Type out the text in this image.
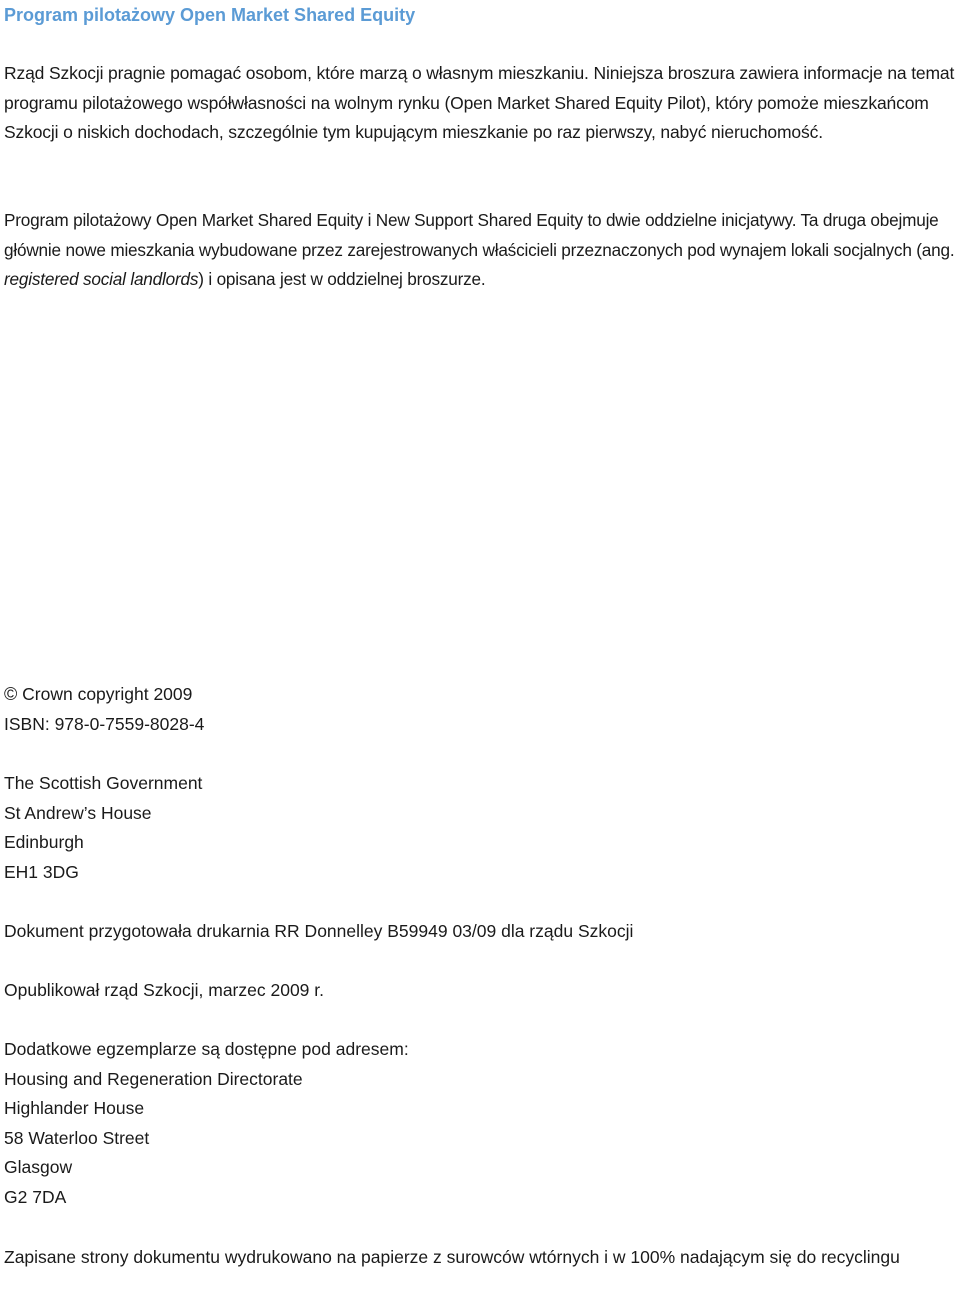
Program pilotażowy Open Market Shared Equity

Rząd Szkocji pragnie pomagać osobom, które marzą o własnym mieszkaniu. Niniejsza broszura zawiera informacje na temat programu pilotażowego współwłasności na wolnym rynku (Open Market Shared Equity Pilot), który pomoże mieszkańcom Szkocji o niskich dochodach, szczególnie tym kupującym mieszkanie po raz pierwszy, nabyć nieruchomość.

Program pilotażowy Open Market Shared Equity i New Support Shared Equity to dwie oddzielne inicjatywy. Ta druga obejmuje głównie nowe mieszkania wybudowane przez zarejestrowanych właścicieli przeznaczonych pod wynajem lokali socjalnych (ang. registered social landlords) i opisana jest w oddzielnej broszurze.

© Crown copyright 2009
ISBN: 978-0-7559-8028-4
The Scottish Government
St Andrew’s House
Edinburgh
EH1 3DG
Dokument przygotowała drukarnia RR Donnelley B59949 03/09 dla rządu Szkocji
Opublikował rząd Szkocji, marzec 2009 r.
Dodatkowe egzemplarze są dostępne pod adresem:
Housing and Regeneration Directorate
Highlander House
58 Waterloo Street
Glasgow
G2 7DA
Zapisane strony dokumentu wydrukowano na papierze z surowców wtórnych i w 100% nadającym się do recyclingu
